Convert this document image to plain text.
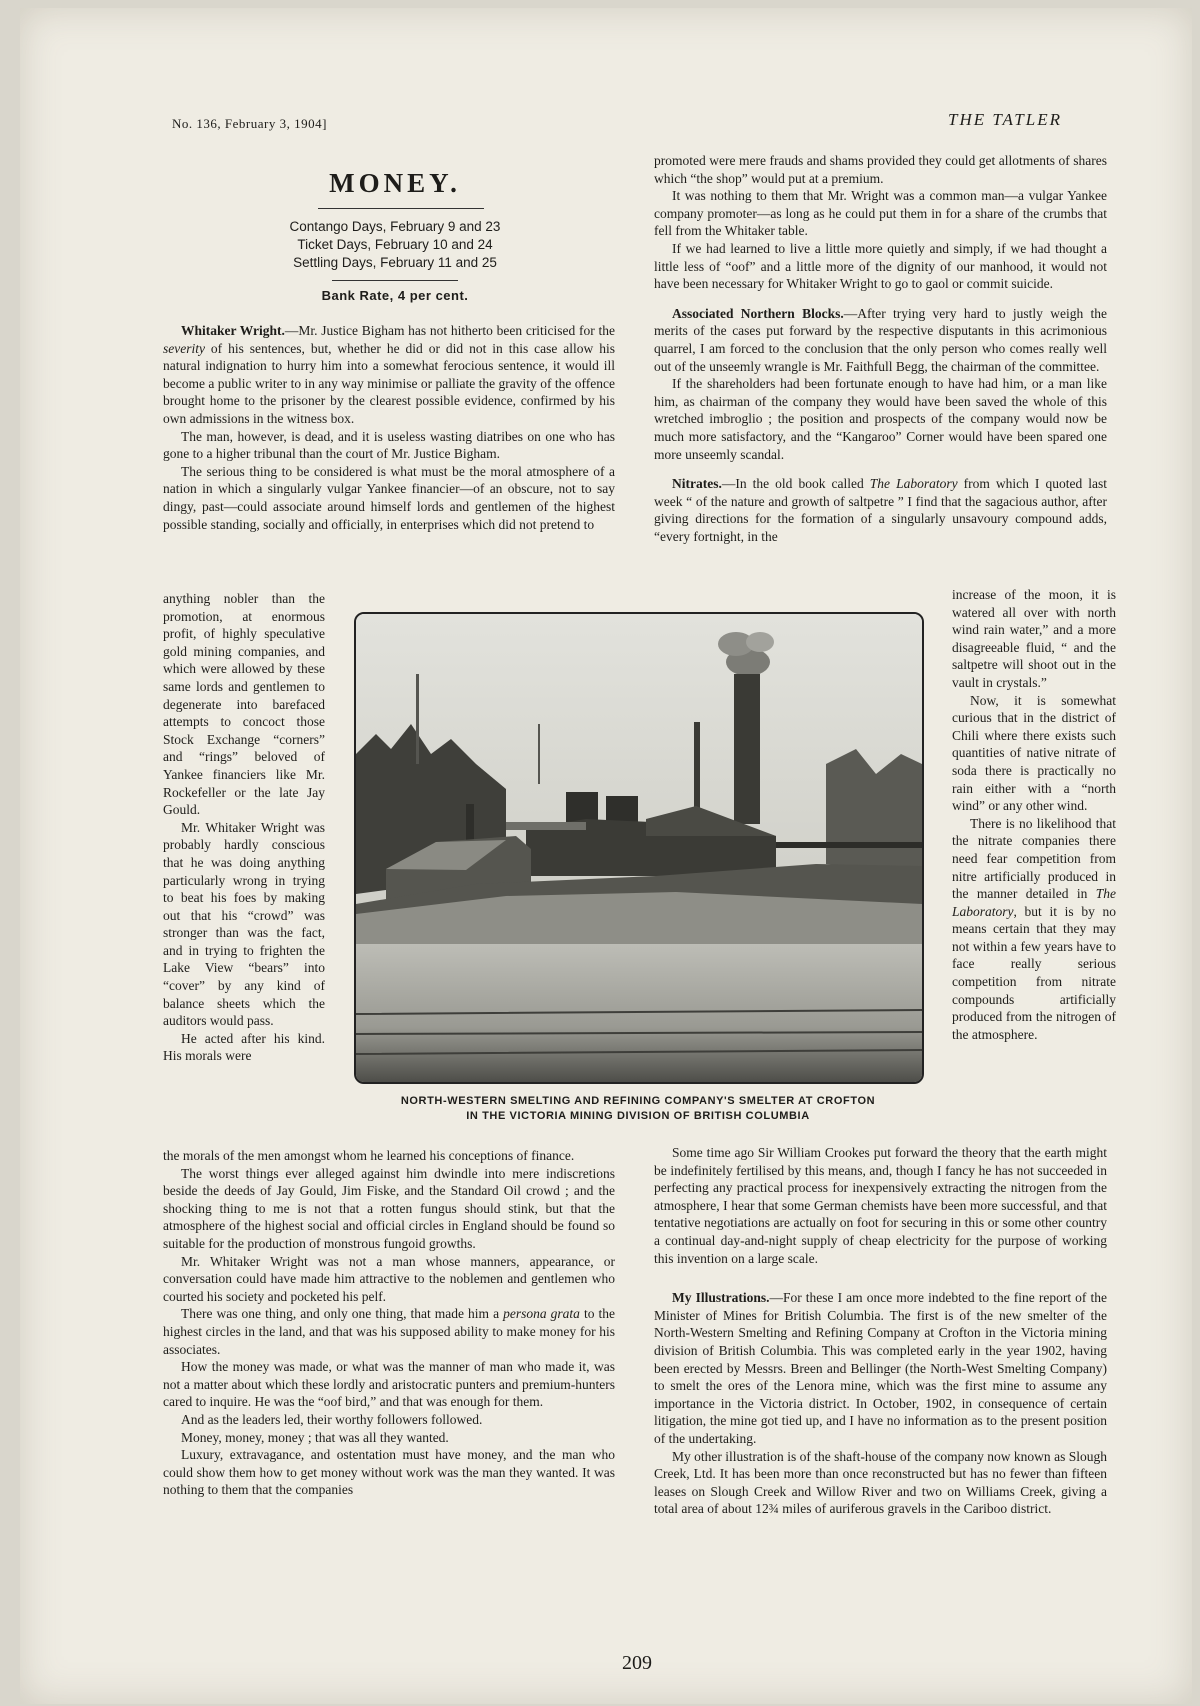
No. 136, February 3, 1904]	THE TATLER
MONEY.
Contango Days, February 9 and 23
Ticket Days, February 10 and 24
Settling Days, February 11 and 25
Bank Rate, 4 per cent.

Whitaker Wright.—Mr. Justice Bigham has not hitherto been criticised for the severity of his sentences, but, whether he did or did not in this case allow his natural indignation to hurry him into a somewhat ferocious sentence, it would ill become a public writer to in any way minimise or palliate the gravity of the offence brought home to the prisoner by the clearest possible evidence, confirmed by his own admissions in the witness box.

The man, however, is dead, and it is useless wasting diatribes on one who has gone to a higher tribunal than the court of Mr. Justice Bigham.

The serious thing to be considered is what must be the moral atmosphere of a nation in which a singularly vulgar Yankee financier—of an obscure, not to say dingy, past—could associate around himself lords and gentlemen of the highest possible standing, socially and officially, in enterprises which did not pretend to

anything nobler than the promotion, at enormous profit, of highly speculative gold mining companies, and which were allowed by these same lords and gentlemen to degenerate into barefaced attempts to concoct those Stock Exchange “corners” and “rings” beloved of Yankee financiers like Mr. Rockefeller or the late Jay Gould.

Mr. Whitaker Wright was probably hardly conscious that he was doing anything particularly wrong in trying to beat his foes by making out that his “crowd” was stronger than was the fact, and in trying to frighten the Lake View “bears” into “cover” by any kind of balance sheets which the auditors would pass.

He acted after his kind. His morals were

the morals of the men amongst whom he learned his conceptions of finance.

The worst things ever alleged against him dwindle into mere indiscretions beside the deeds of Jay Gould, Jim Fiske, and the Standard Oil crowd ; and the shocking thing to me is not that a rotten fungus should stink, but that the atmosphere of the highest social and official circles in England should be found so suitable for the production of monstrous fungoid growths.

Mr. Whitaker Wright was not a man whose manners, appearance, or conversation could have made him attractive to the noblemen and gentlemen who courted his society and pocketed his pelf.

There was one thing, and only one thing, that made him a persona grata to the highest circles in the land, and that was his supposed ability to make money for his associates.

How the money was made, or what was the manner of man who made it, was not a matter about which these lordly and aristocratic punters and premium-hunters cared to inquire. He was the “oof bird,” and that was enough for them.

And as the leaders led, their worthy followers followed.

Money, money, money ; that was all they wanted.

Luxury, extravagance, and ostentation must have money, and the man who could show them how to get money without work was the man they wanted. It was nothing to them that the companies

promoted were mere frauds and shams provided they could get allotments of shares which “the shop” would put at a premium.

It was nothing to them that Mr. Wright was a common man—a vulgar Yankee company promoter—as long as he could put them in for a share of the crumbs that fell from the Whitaker table.

If we had learned to live a little more quietly and simply, if we had thought a little less of “oof” and a little more of the dignity of our manhood, it would not have been necessary for Whitaker Wright to go to gaol or commit suicide.

Associated Northern Blocks.—After trying very hard to justly weigh the merits of the cases put forward by the respective disputants in this acrimonious quarrel, I am forced to the conclusion that the only person who comes really well out of the unseemly wrangle is Mr. Faithfull Begg, the chairman of the committee.

If the shareholders had been fortunate enough to have had him, or a man like him, as chairman of the company they would have been saved the whole of this wretched imbroglio ; the position and prospects of the company would now be much more satisfactory, and the “Kangaroo” Corner would have been spared one more unseemly scandal.

Nitrates.—In the old book called The Laboratory from which I quoted last week “ of the nature and growth of saltpetre ” I find that the sagacious author, after giving directions for the formation of a singularly unsavoury compound adds, “every fortnight, in the

increase of the moon, it is watered all over with north wind rain water,” and a more disagreeable fluid, “ and the saltpetre will shoot out in the vault in crystals.”

Now, it is somewhat curious that in the district of Chili where there exists such quantities of native nitrate of soda there is practically no rain either with a “north wind” or any other wind.

There is no likelihood that the nitrate companies there need fear competition from nitre artificially produced in the manner detailed in The Laboratory, but it is by no means certain that they may not within a few years have to face really serious competition from nitrate compounds artificially produced from the nitrogen of the atmosphere.

Some time ago Sir William Crookes put forward the theory that the earth might be indefinitely fertilised by this means, and, though I fancy he has not succeeded in perfecting any practical process for inexpensively extracting the nitrogen from the atmosphere, I hear that some German chemists have been more successful, and that tentative negotiations are actually on foot for securing in this or some other country a continual day-and-night supply of cheap electricity for the purpose of working this invention on a large scale.

My Illustrations.—For these I am once more indebted to the fine report of the Minister of Mines for British Columbia. The first is of the new smelter of the North-Western Smelting and Refining Company at Crofton in the Victoria mining division of British Columbia. This was completed early in the year 1902, having been erected by Messrs. Breen and Bellinger (the North-West Smelting Company) to smelt the ores of the Lenora mine, which was the first mine to assume any importance in the Victoria district. In October, 1902, in consequence of certain litigation, the mine got tied up, and I have no information as to the present position of the undertaking.

My other illustration is of the shaft-house of the company now known as Slough Creek, Ltd. It has been more than once reconstructed but has no fewer than fifteen leases on Slough Creek and Willow River and two on Williams Creek, giving a total area of about 12¾ miles of auriferous gravels in the Cariboo district.

NORTH-WESTERN SMELTING AND REFINING COMPANY'S SMELTER AT CROFTON
IN THE VICTORIA MINING DIVISION OF BRITISH COLUMBIA
209
